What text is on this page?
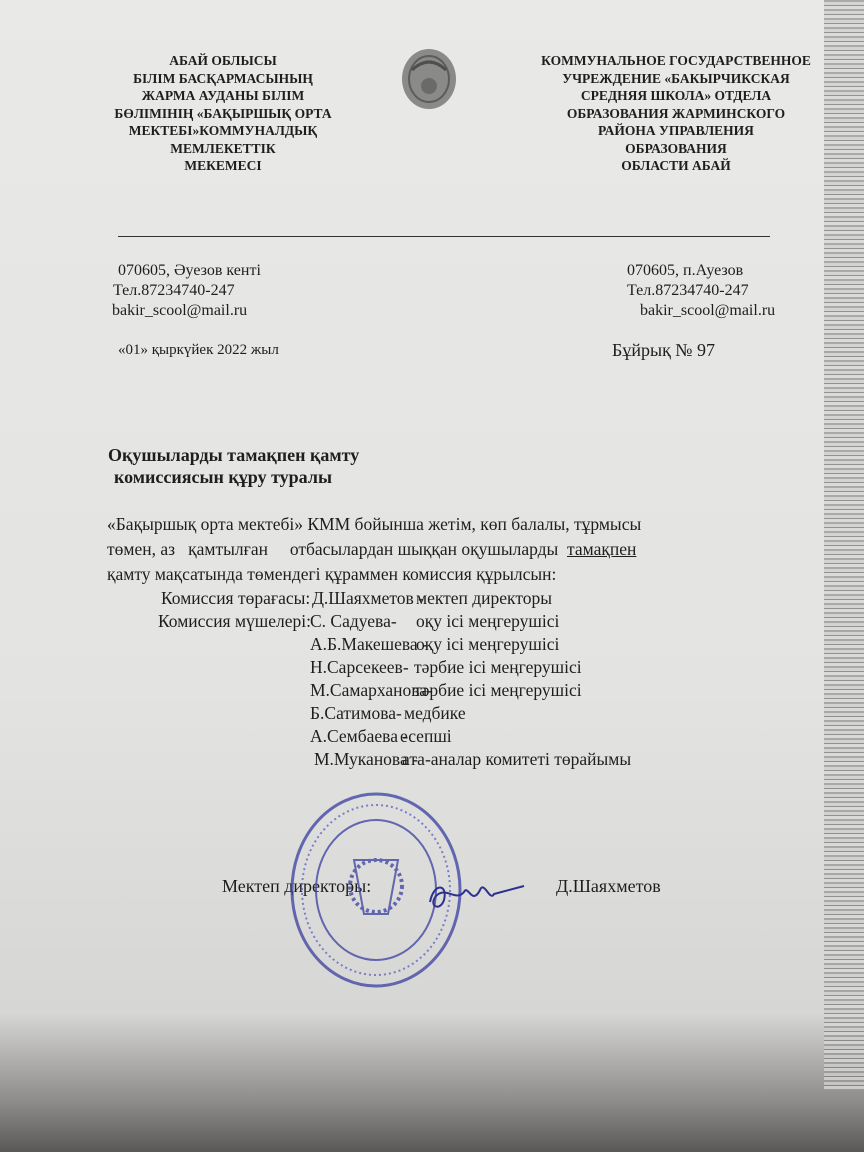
АБАЙ ОБЛЫСЫ
БІЛІМ БАСҚАРМАСЫНЫҢ
ЖАРМА АУДАНЫ БІЛІМ
БӨЛІМІНІҢ «БАҚЫРШЫҚ ОРТА
МЕКТЕБІ»КОММУНАЛДЫҚ
МЕМЛЕКЕТТІК
МЕКЕМЕСІ
КОММУНАЛЬНОЕ ГОСУДАРСТВЕННОЕ
УЧРЕЖДЕНИЕ «БАКЫРЧИКСКАЯ
СРЕДНЯЯ ШКОЛА» ОТДЕЛА
ОБРАЗОВАНИЯ ЖАРМИНСКОГО
РАЙОНА УПРАВЛЕНИЯ
ОБРАЗОВАНИЯ
ОБЛАСТИ АБАЙ
070605, Әуезов кенті
Тел.87234740-247
bakir_scool@mail.ru
070605, п.Ауезов
Тел.87234740-247
bakir_scool@mail.ru
«01» қыркүйек 2022 жыл	Бұйрық № 97
Оқушыларды тамақпен қамту
комиссиясын құру туралы
«Бақыршық орта мектебі» КММ бойынша жетім, көп балалы, тұрмысы
төмен, аз   қамтылған     отбасылардан шыққан оқушыларды  тамақпен
қамту мақсатында төмендегі құраммен комиссия құрылсын:
Комиссия төрағасы:
Комиссия мүшелері:
Д.Шаяхметов -
мектеп директоры
С. Садуева- оқу ісі меңгерушісі
А.Б.Макешева -
оқу ісі меңгерушісі
Н.Сарсекеев- тәрбие ісі меңгерушісі
М.Самарханова-
тәрбие ісі меңгерушісі
Б.Сатимова- медбике
А.Сембаева -
есепші
М.Муканова -
ата-аналар комитеті төрайымы
Мектеп директоры:	Д.Шаяхметов
